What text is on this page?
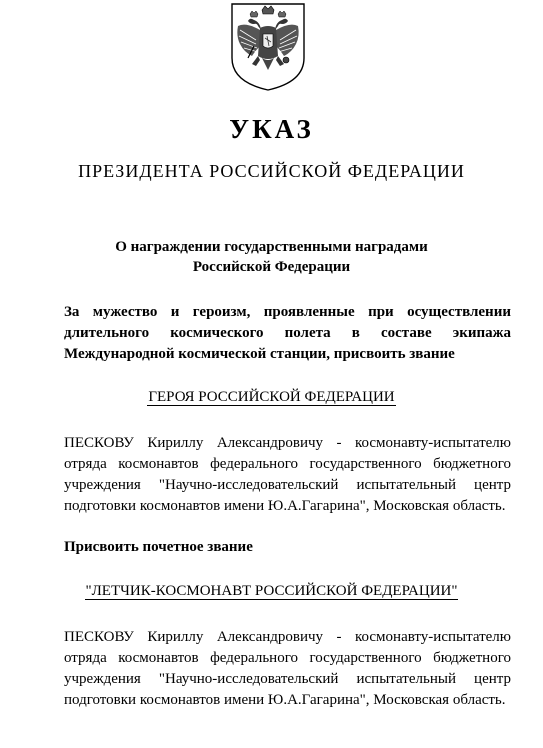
УКАЗ
ПРЕЗИДЕНТА РОССИЙСКОЙ ФЕДЕРАЦИИ
О награждении государственными наградами
Российской Федерации
За мужество и героизм, проявленные при осуществлении
длительного космического полета в составе экипажа
Международной космической станции, присвоить звание
ГЕРОЯ РОССИЙСКОЙ ФЕДЕРАЦИИ
ПЕСКОВУ Кириллу Александровичу - космонавту-испытателю
отряда космонавтов федерального государственного бюджетного
учреждения "Научно-исследовательский испытательный центр
подготовки космонавтов имени Ю.А.Гагарина", Московская область.
Присвоить почетное звание
"ЛЕТЧИК-КОСМОНАВТ РОССИЙСКОЙ ФЕДЕРАЦИИ"
ПЕСКОВУ Кириллу Александровичу - космонавту-испытателю
отряда космонавтов федерального государственного бюджетного
учреждения "Научно-исследовательский испытательный центр
подготовки космонавтов имени Ю.А.Гагарина", Московская область.
